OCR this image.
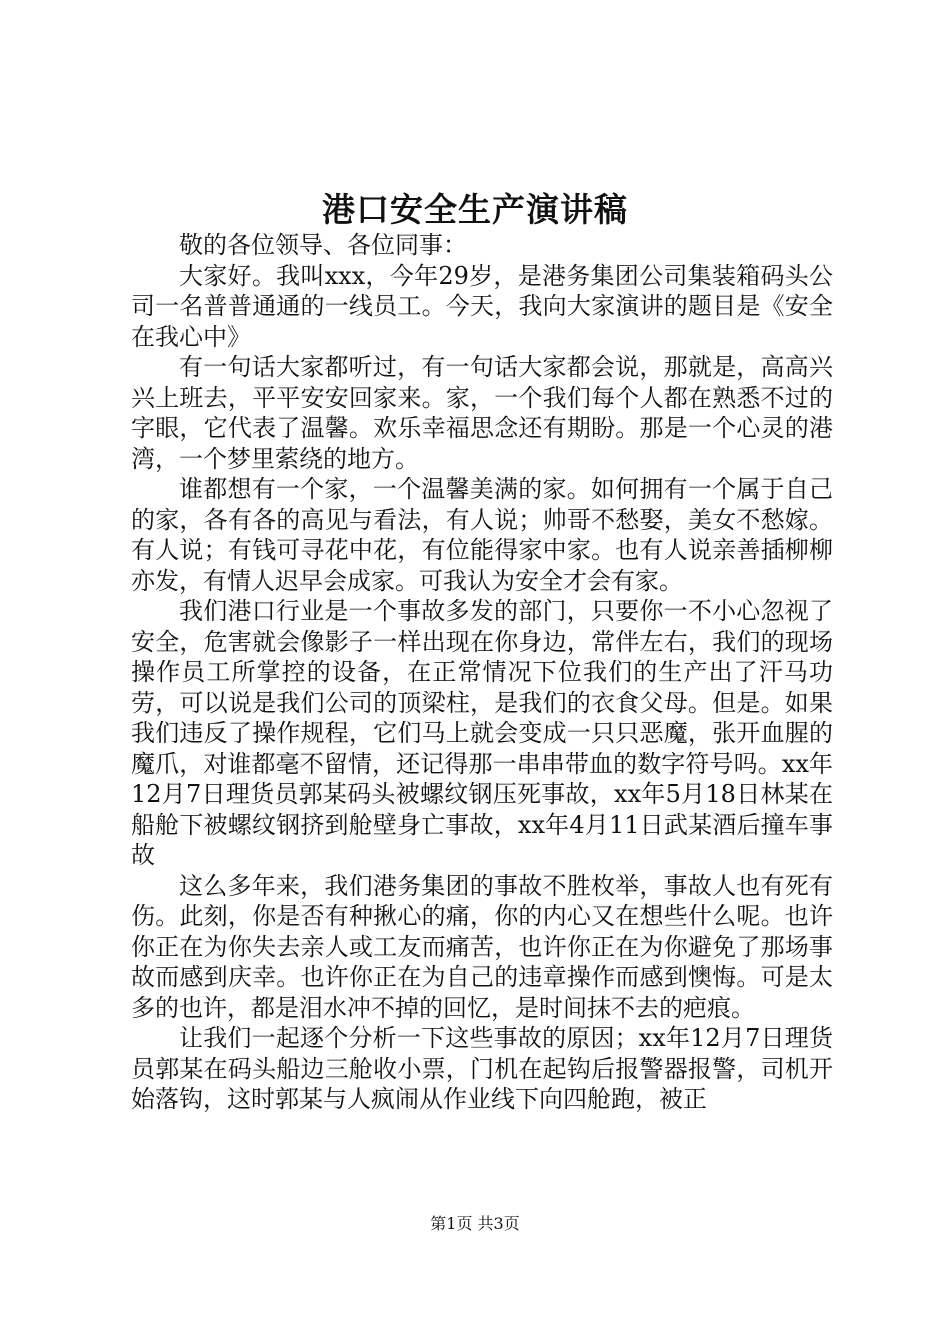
港口安全生产演讲稿

敬的各位领导、各位同事：

大家好。我叫xxx，今年29岁，是港务集团公司集装箱码头公司一名普普通通的一线员工。今天，我向大家演讲的题目是《安全在我心中》

有一句话大家都听过，有一句话大家都会说，那就是，高高兴兴上班去，平平安安回家来。家，一个我们每个人都在熟悉不过的字眼，它代表了温馨。欢乐幸福思念还有期盼。那是一个心灵的港湾，一个梦里萦绕的地方。

谁都想有一个家，一个温馨美满的家。如何拥有一个属于自己的家，各有各的高见与看法，有人说；帅哥不愁娶，美女不愁嫁。有人说；有钱可寻花中花，有位能得家中家。也有人说亲善插柳柳亦发，有情人迟早会成家。可我认为安全才会有家。

我们港口行业是一个事故多发的部门，只要你一不小心忽视了安全，危害就会像影子一样出现在你身边，常伴左右，我们的现场操作员工所掌控的设备，在正常情况下位我们的生产出了汗马功劳，可以说是我们公司的顶梁柱，是我们的衣食父母。但是。如果我们违反了操作规程，它们马上就会变成一只只恶魔，张开血腥的魔爪，对谁都毫不留情，还记得那一串串带血的数字符号吗。xx年12月7日理货员郭某码头被螺纹钢压死事故，xx年5月18日林某在船舱下被螺纹钢挤到舱壁身亡事故，xx年4月11日武某酒后撞车事故

这么多年来，我们港务集团的事故不胜枚举，事故人也有死有伤。此刻，你是否有种揪心的痛，你的内心又在想些什么呢。也许你正在为你失去亲人或工友而痛苦，也许你正在为你避免了那场事故而感到庆幸。也许你正在为自己的违章操作而感到懊悔。可是太多的也许，都是泪水冲不掉的回忆，是时间抹不去的疤痕。

让我们一起逐个分析一下这些事故的原因；xx年12月7日理货员郭某在码头船边三舱收小票，门机在起钩后报警器报警，司机开始落钩，这时郭某与人疯闹从作业线下向四舱跑，被正

第1页 共3页
